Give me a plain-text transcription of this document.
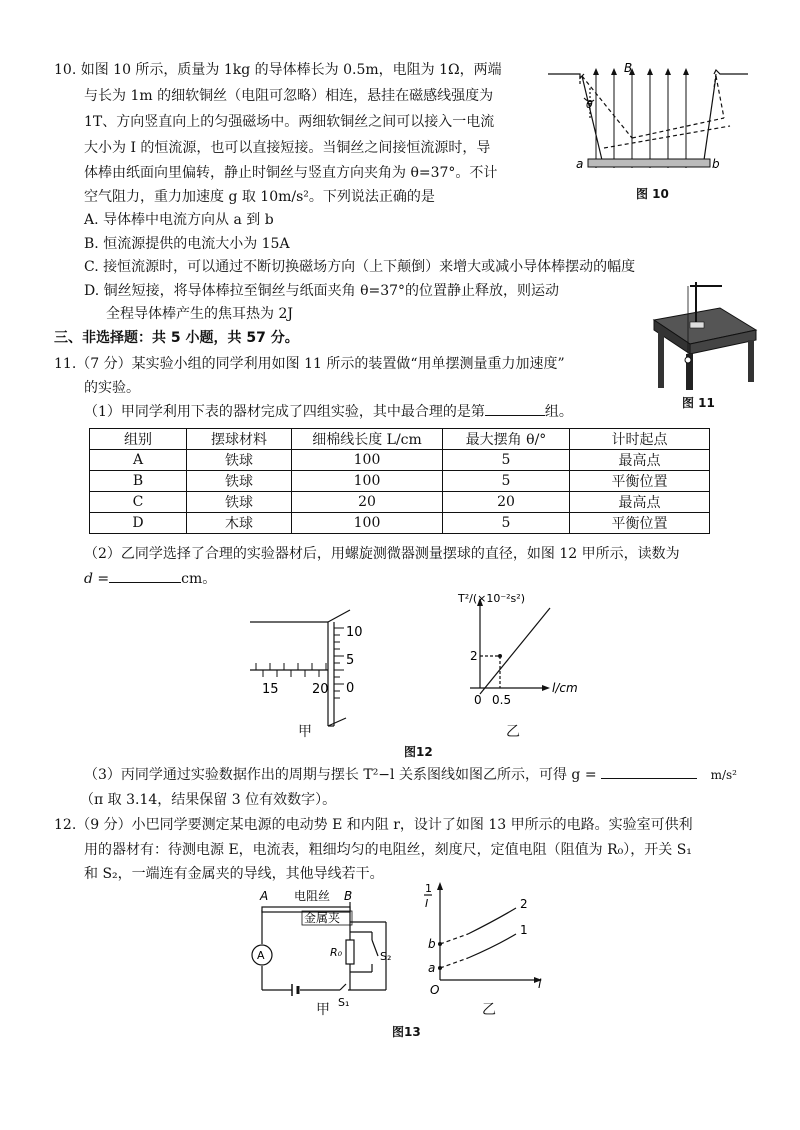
10. 如图 10 所示，质量为 1kg 的导体棒长为 0.5m，电阻为 1Ω，两端
与长为 1m 的细软铜丝（电阻可忽略）相连，悬挂在磁感线强度为
1T、方向竖直向上的匀强磁场中。两细软铜丝之间可以接入一电流
大小为 I 的恒流源，也可以直接短接。当铜丝之间接恒流源时，导
体棒由纸面向里偏转，静止时铜丝与竖直方向夹角为 θ=37°。不计
空气阻力，重力加速度 g 取 10m/s²。下列说法正确的是
A. 导体棒中电流方向从 a 到 b
B. 恒流源提供的电流大小为 15A
C. 接恒流源时，可以通过不断切换磁场方向（上下颠倒）来增大或减小导体棒摆动的幅度
D. 铜丝短接，将导体棒拉至铜丝与纸面夹角 θ=37°的位置静止释放，则运动
全程导体棒产生的焦耳热为 2J
B
θ
a	b
图 10
三、非选择题：共 5 小题，共 57 分。
11.（7 分）某实验小组的同学利用如图 11 所示的装置做“用单摆测量重力加速度”
的实验。
（1）甲同学利用下表的器材完成了四组实验，其中最合理的是第	组。
图 11
组别	摆球材料	细棉线长度 L/cm	最大摆角 θ/°	计时起点
A	铁球	100	5	最高点
B	铁球	100	5	平衡位置
C	铁球	20	20	最高点
D	木球	100	5	平衡位置
（2）乙同学选择了合理的实验器材后，用螺旋测微器测量摆球的直径，如图 12 甲所示，读数为
d =	cm。
15	20
10
5
0
甲
T²/(×10⁻²s²)
l/cm
2
0.5
0
乙
图12
（3）丙同学通过实验数据作出的周期与摆长 T²−l 关系图线如图乙所示，可得 g =	m/s²
（π 取 3.14，结果保留 3 位有效数字）。
12.（9 分）小巴同学要测定某电源的电动势 E 和内阻 r，设计了如图 13 甲所示的电路。实验室可供利
用的器材有：待测电源 E，电流表，粗细均匀的电阻丝，刻度尺，定值电阻（阻值为 R₀），开关 S₁
和 S₂，一端连有金属夹的导线，其他导线若干。
A	B
电阻丝
金属夹
R₀	S₂
S₁
A
甲
1
I
l
O
b
a
2
1
乙
图13
